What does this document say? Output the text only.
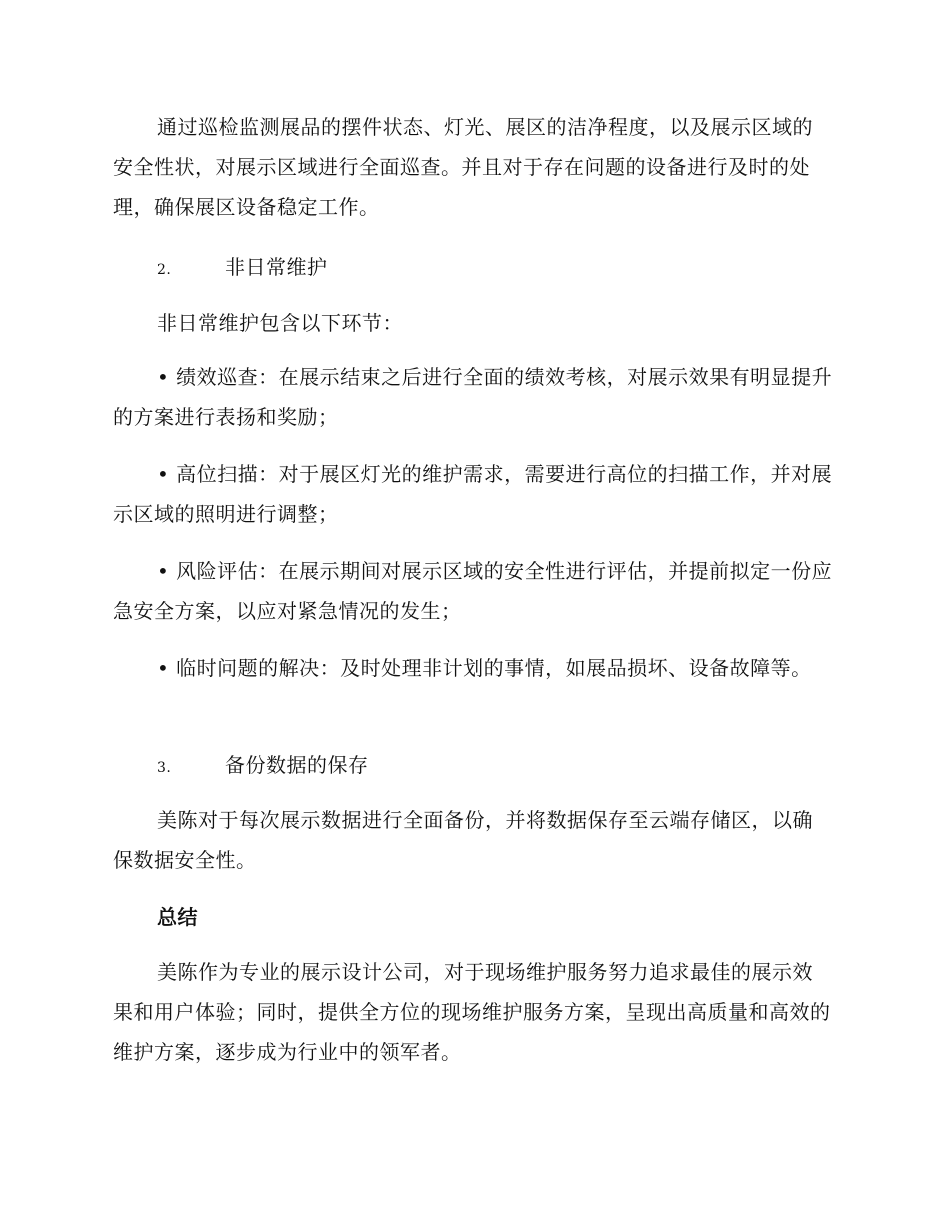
通过巡检监测展品的摆件状态、灯光、展区的洁净程度，以及展示区域的安全性状，对展示区域进行全面巡查。并且对于存在问题的设备进行及时的处理，确保展区设备稳定工作。
2.	非日常维护
非日常维护包含以下环节：
• 绩效巡查：在展示结束之后进行全面的绩效考核，对展示效果有明显提升的方案进行表扬和奖励；
• 高位扫描：对于展区灯光的维护需求，需要进行高位的扫描工作，并对展示区域的照明进行调整；
• 风险评估：在展示期间对展示区域的安全性进行评估，并提前拟定一份应急安全方案，以应对紧急情况的发生；
• 临时问题的解决：及时处理非计划的事情，如展品损坏、设备故障等。
3.	备份数据的保存
美陈对于每次展示数据进行全面备份，并将数据保存至云端存储区，以确保数据安全性。
总结
美陈作为专业的展示设计公司，对于现场维护服务努力追求最佳的展示效果和用户体验；同时，提供全方位的现场维护服务方案，呈现出高质量和高效的维护方案，逐步成为行业中的领军者。
